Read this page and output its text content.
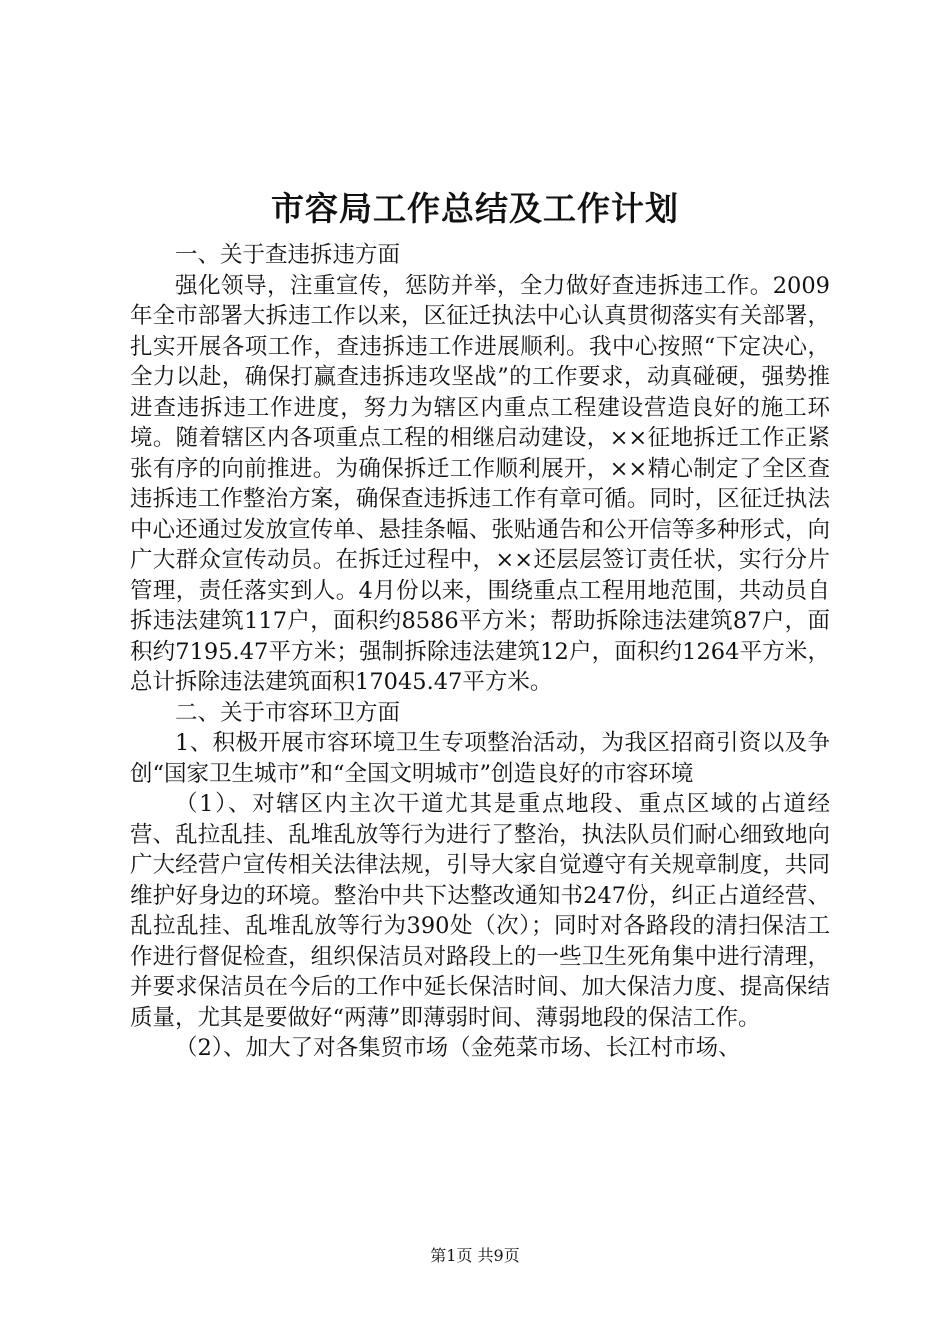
市容局工作总结及工作计划

一、关于查违拆违方面

强化领导，注重宣传，惩防并举，全力做好查违拆违工作。2009年全市部署大拆违工作以来，区征迁执法中心认真贯彻落实有关部署，扎实开展各项工作，查违拆违工作进展顺利。我中心按照“下定决心，全力以赴，确保打赢查违拆违攻坚战”的工作要求，动真碰硬，强势推进查违拆违工作进度，努力为辖区内重点工程建设营造良好的施工环境。随着辖区内各项重点工程的相继启动建设，××征地拆迁工作正紧张有序的向前推进。为确保拆迁工作顺利展开，××精心制定了全区查违拆违工作整治方案，确保查违拆违工作有章可循。同时，区征迁执法中心还通过发放宣传单、悬挂条幅、张贴通告和公开信等多种形式，向广大群众宣传动员。在拆迁过程中，××还层层签订责任状，实行分片管理，责任落实到人。4月份以来，围绕重点工程用地范围，共动员自拆违法建筑117户，面积约8586平方米；帮助拆除违法建筑87户，面积约7195.47平方米；强制拆除违法建筑12户，面积约1264平方米，总计拆除违法建筑面积17045.47平方米。

二、关于市容环卫方面

1、积极开展市容环境卫生专项整治活动，为我区招商引资以及争创“国家卫生城市”和“全国文明城市”创造良好的市容环境

（1）、对辖区内主次干道尤其是重点地段、重点区域的占道经营、乱拉乱挂、乱堆乱放等行为进行了整治，执法队员们耐心细致地向广大经营户宣传相关法律法规，引导大家自觉遵守有关规章制度，共同维护好身边的环境。整治中共下达整改通知书247份，纠正占道经营、乱拉乱挂、乱堆乱放等行为390处（次）；同时对各路段的清扫保洁工作进行督促检查，组织保洁员对路段上的一些卫生死角集中进行清理，并要求保洁员在今后的工作中延长保洁时间、加大保洁力度、提高保结质量，尤其是要做好“两薄”即薄弱时间、薄弱地段的保洁工作。

（2）、加大了对各集贸市场（金苑菜市场、长江村市场、

第1页 共9页
